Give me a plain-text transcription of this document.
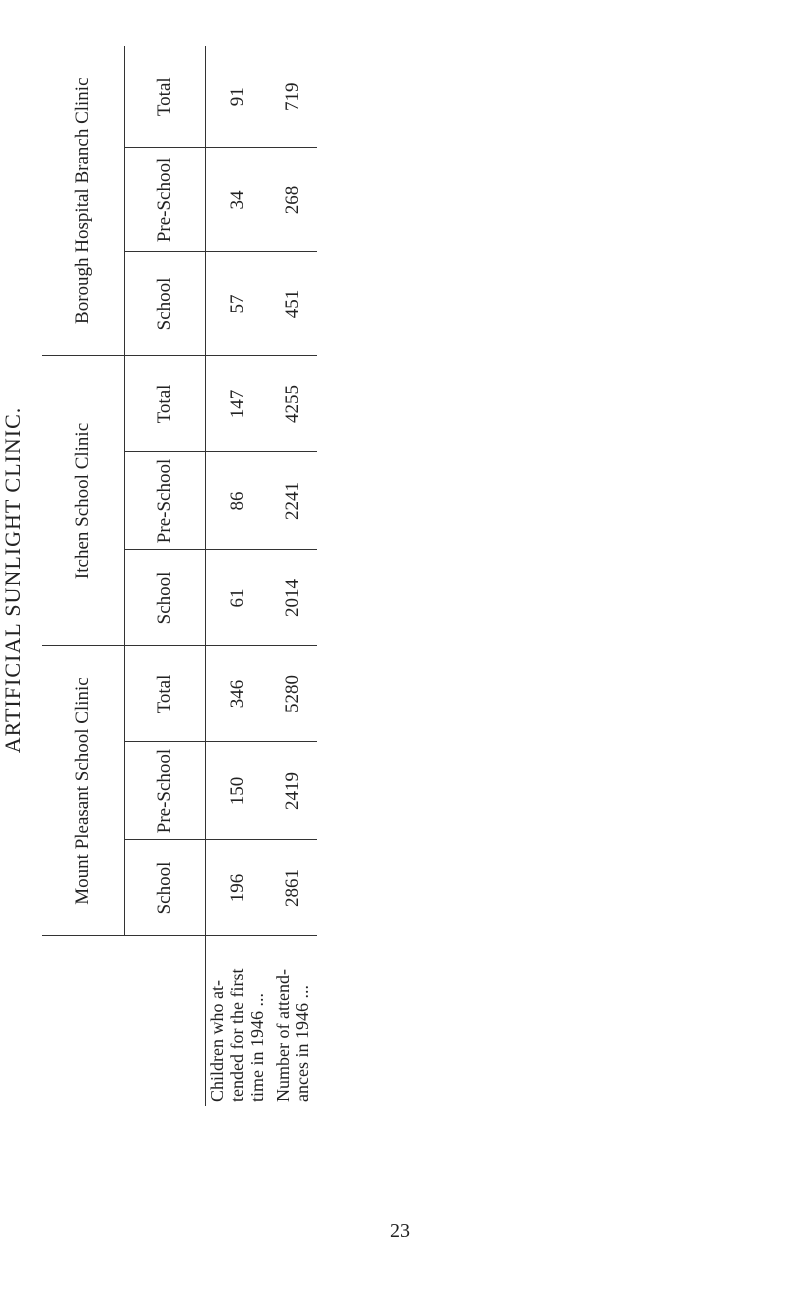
ARTIFICIAL SUNLIGHT CLINIC.
	Mount Pleasant School Clinic			Itchen School Clinic			Borough Hospital Branch Clinic		
	School	Pre-School	Total	School	Pre-School	Total	School	Pre-School	Total
Children who at-tended for the first time in 1946 ...	196	150	346	61	86	147	57	34	91
Number of attend-ances in 1946 ...	2861	2419	5280	2014	2241	4255	451	268	719
23
